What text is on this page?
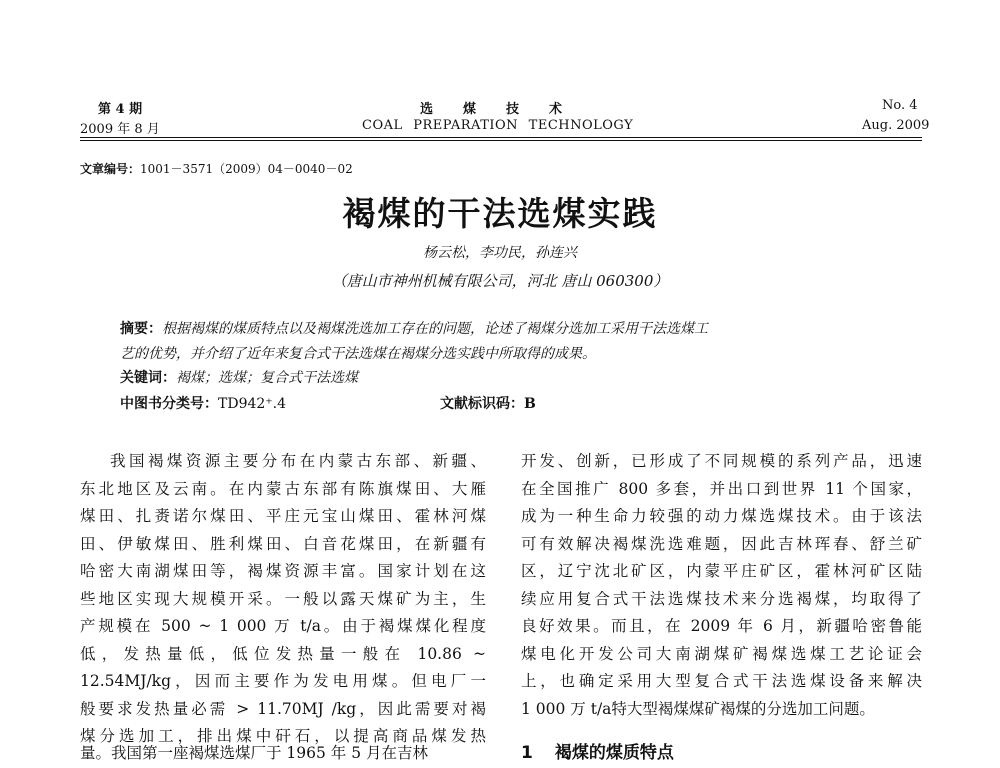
第 4 期
2009 年 8 月
选煤技术
COAL PREPARATION TECHNOLOGY
No. 4
Aug. 2009
文章编号：1001－3571（2009）04－0040－02
褐煤的干法选煤实践
杨云松，李功民，孙连兴
（唐山市神州机械有限公司，河北 唐山 060300）
摘要：根据褐煤的煤质特点以及褐煤洗选加工存在的问题，论述了褐煤分选加工采用干法选煤工
艺的优势，并介绍了近年来复合式干法选煤在褐煤分选实践中所取得的成果。
关键词：褐煤；选煤；复合式干法选煤
中图书分类号：TD942⁺.4	文献标识码：B
我国褐煤资源主要分布在内蒙古东部、新疆、
东北地区及云南。在内蒙古东部有陈旗煤田、大雁
煤田、扎赉诺尔煤田、平庄元宝山煤田、霍林河煤
田、伊敏煤田、胜利煤田、白音花煤田，在新疆有
哈密大南湖煤田等，褐煤资源丰富。国家计划在这
些地区实现大规模开采。一般以露天煤矿为主，生
产规模在 500 ~ 1 000 万 t/a。由于褐煤煤化程度
低，发热量低，低位发热量一般在 10.86 ~
12.54MJ/kg，因而主要作为发电用煤。但电厂一
般要求发热量必需 > 11.70MJ /kg，因此需要对褐
煤分选加工，排出煤中矸石，以提高商品煤发热
量。我国第一座褐煤选煤厂于 1965 年 5 月在吉林
开发、创新，已形成了不同规模的系列产品，迅速
在全国推广 800 多套，并出口到世界 11 个国家，
成为一种生命力较强的动力煤选煤技术。由于该法
可有效解决褐煤洗选难题，因此吉林珲春、舒兰矿
区，辽宁沈北矿区，内蒙平庄矿区，霍林河矿区陆
续应用复合式干法选煤技术来分选褐煤，均取得了
良好效果。而且，在 2009 年 6 月，新疆哈密鲁能
煤电化开发公司大南湖煤矿褐煤选煤工艺论证会
上，也确定采用大型复合式干法选煤设备来解决
1 000 万 t/a特大型褐煤煤矿褐煤的分选加工问题。
1 褐煤的煤质特点
